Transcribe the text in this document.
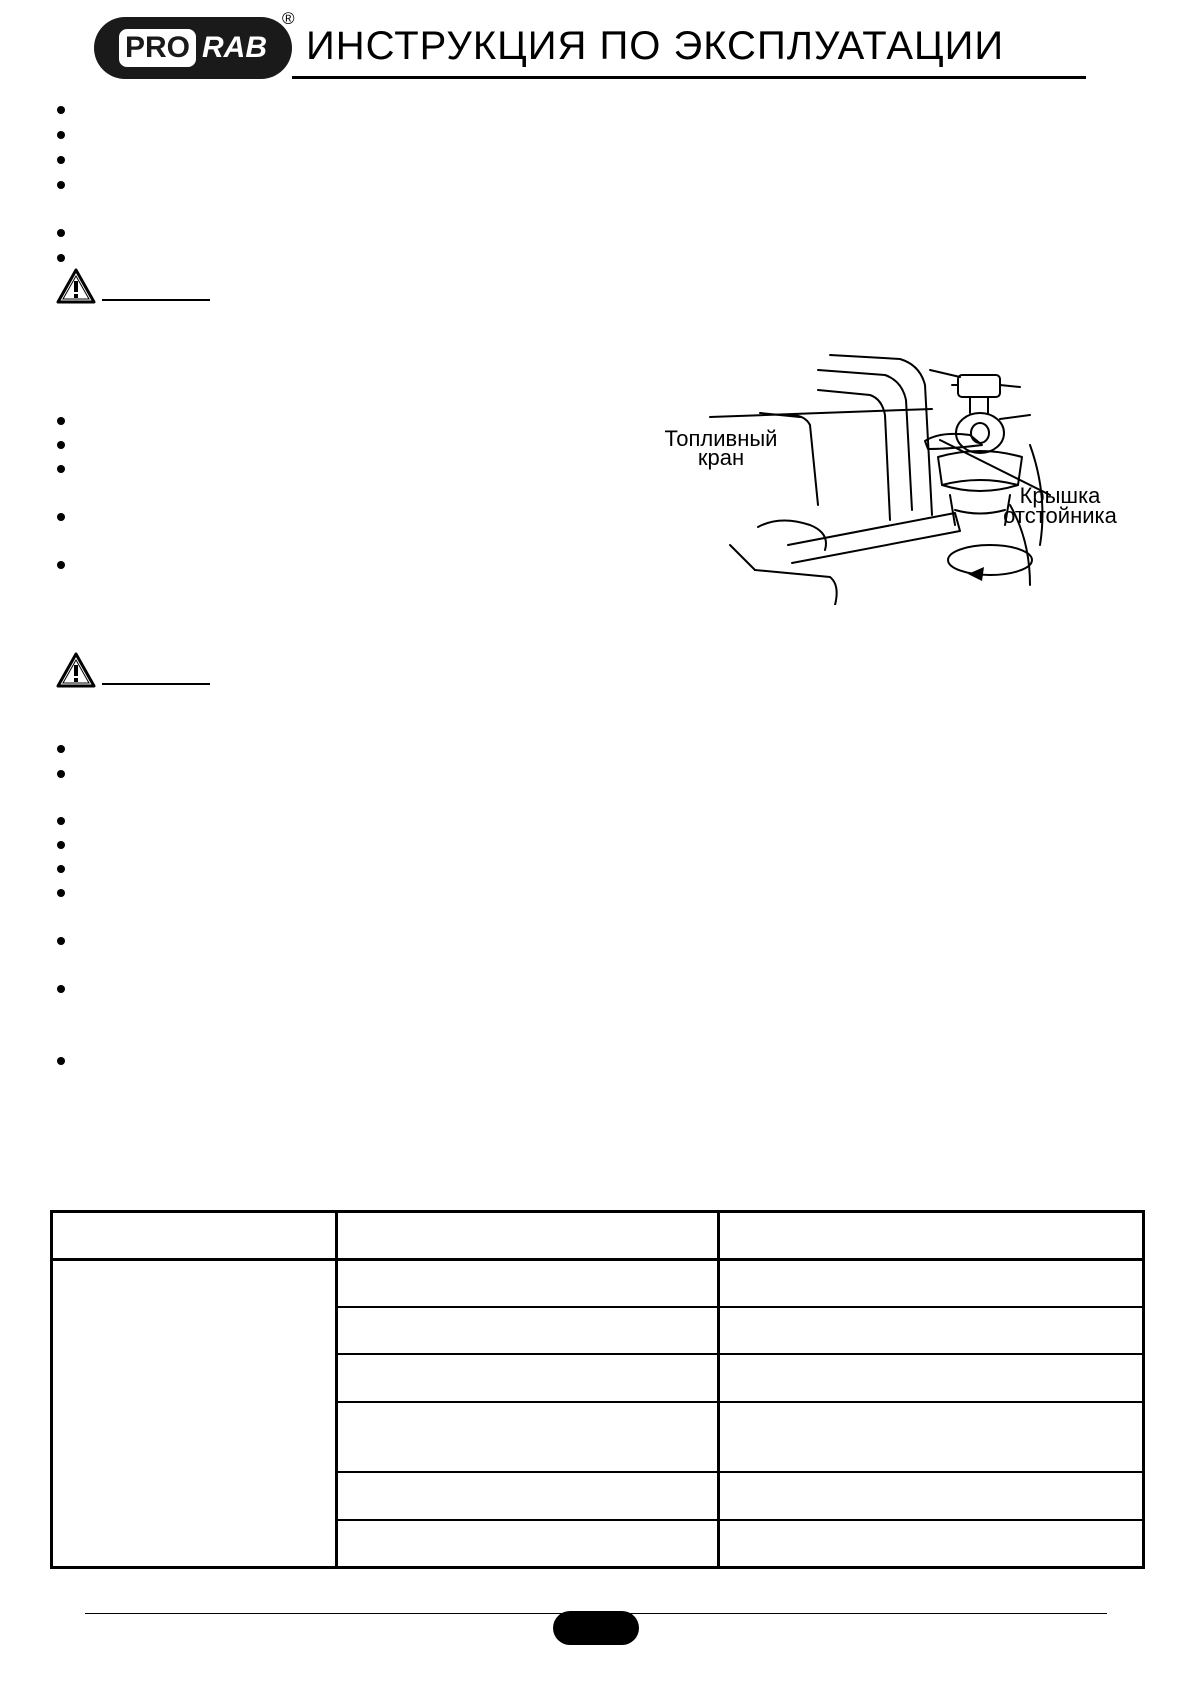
PRO RAB
®
ИНСТРУКЦИЯ ПО ЭКСПЛУАТАЦИИ
Топливный
кран
Крышка
отстойника
